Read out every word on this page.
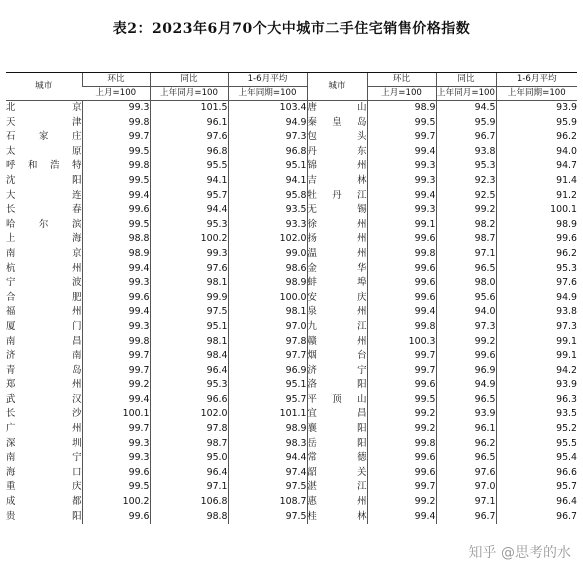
表2：2023年6月70个大中城市二手住宅销售价格指数
城市	环比	同比	1-6月平均	城市	环比	同比	1-6月平均
	上月=100	上年同月=100	上年同期=100		上月=100	上年同月=100	上年同期=100
北　京	99.3	101.5	103.4	唐　山	98.9	94.5	93.9
天　津	99.8	96.1	94.9	秦皇岛	99.5	95.9	95.9
石家庄	99.7	97.6	97.3	包　头	99.7	96.7	96.2
太　原	99.5	96.8	96.8	丹　东	99.4	93.8	94.0
呼和浩特	99.8	95.5	95.1	锦　州	99.3	95.3	94.7
沈　阳	99.5	94.1	94.1	吉　林	99.3	92.3	91.4
大　连	99.4	95.7	95.8	牡丹江	99.4	92.5	91.2
长　春	99.6	94.4	93.5	无　锡	99.3	99.2	100.1
哈尔滨	99.5	95.3	93.3	徐　州	99.1	98.2	98.9
上　海	98.8	100.2	102.0	扬　州	99.6	98.7	99.6
南　京	98.9	99.3	99.0	温　州	99.8	97.1	96.2
杭　州	99.4	97.6	98.6	金　华	99.6	96.5	95.3
宁　波	99.3	98.1	98.9	蚌　埠	99.6	98.0	97.6
合　肥	99.6	99.9	100.0	安　庆	99.6	95.6	94.9
福　州	99.4	97.5	98.1	泉　州	99.4	94.0	93.8
厦　门	99.3	95.1	97.0	九　江	99.8	97.3	97.3
南　昌	99.8	98.1	97.8	赣　州	100.3	99.2	99.1
济　南	99.7	98.4	97.7	烟　台	99.7	99.6	99.1
青　岛	99.7	96.4	96.9	济　宁	99.7	96.9	94.2
郑　州	99.2	95.3	95.1	洛　阳	99.6	94.9	93.9
武　汉	99.4	96.6	95.7	平顶山	99.5	96.5	96.3
长　沙	100.1	102.0	101.1	宜　昌	99.2	93.9	93.5
广　州	99.7	97.8	98.9	襄　阳	99.2	96.1	95.2
深　圳	99.3	98.7	98.3	岳　阳	99.8	96.2	95.5
南　宁	99.3	95.0	94.4	常　德	99.6	96.5	95.4
海　口	99.6	96.4	97.4	韶　关	99.6	97.6	96.6
重　庆	99.5	97.1	97.5	湛　江	99.7	97.0	95.7
成　都	100.2	106.8	108.7	惠　州	99.2	97.1	96.4
贵　阳	99.6	98.8	97.5	桂　林	99.4	96.7	96.7
知乎 @思考的水
